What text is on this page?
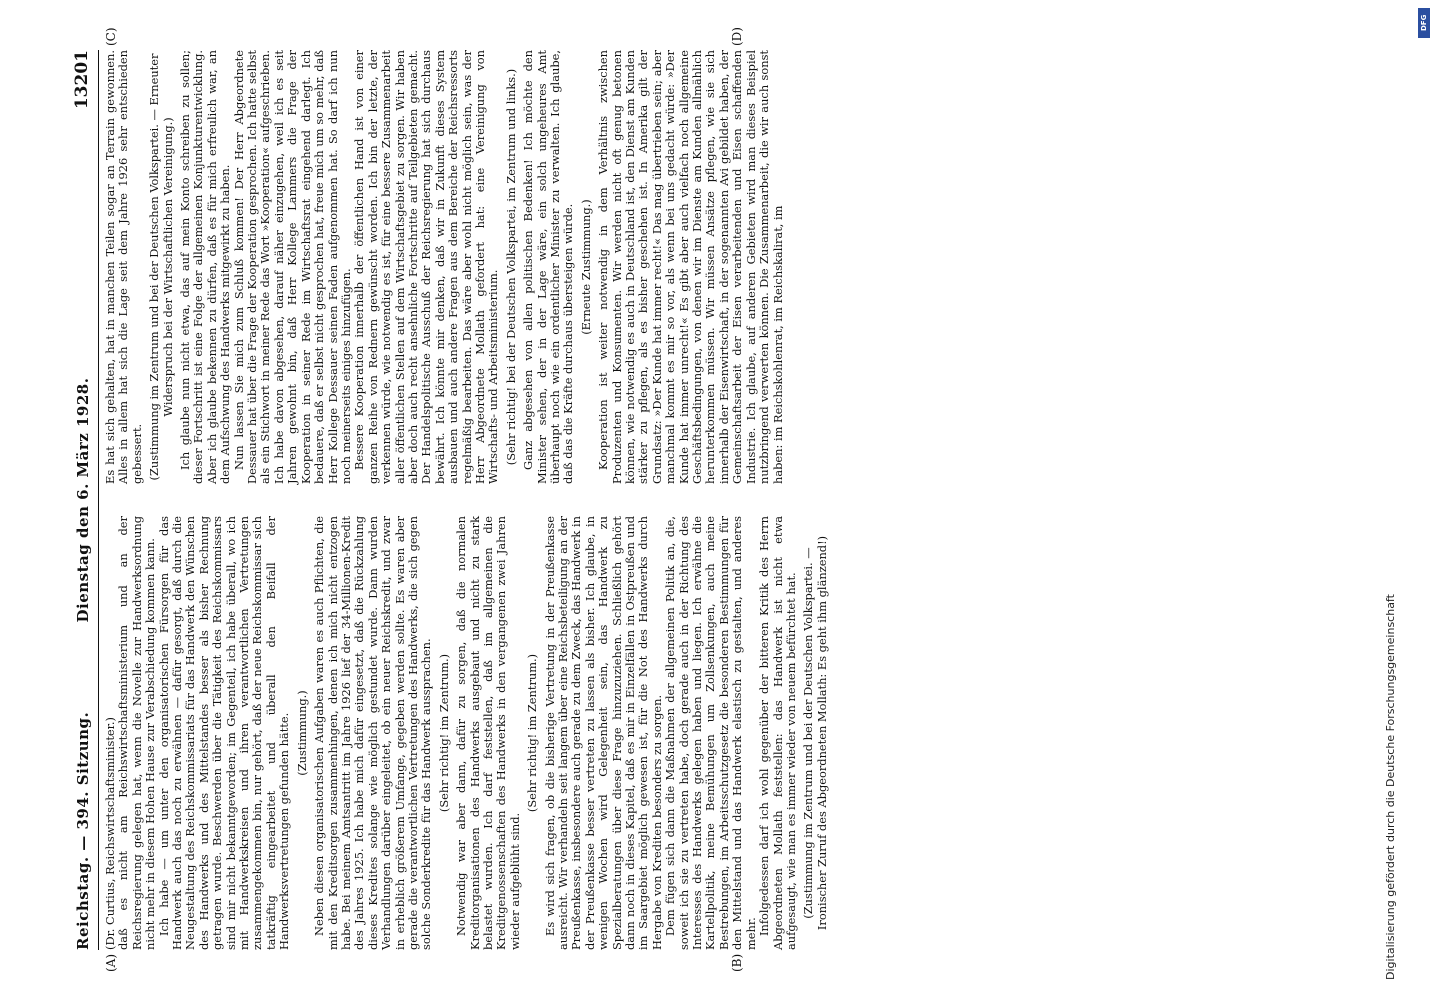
Reichstag. — 394. Sitzung.
Dienstag den 6. März 1928.
13201

(Dr. Curtius, Reichswirtschaftsminister.) daß es nicht am Reichswirtschaftsministerium und an der Reichsregierung gelegen hat, wenn die Novelle zur Handwerksordnung nicht mehr in diesem Hohen Hause zur Verabschiedung kommen kann. Ich habe — um unter den organisatorischen Fürsorgen für das Handwerk auch das noch zu erwähnen — dafür gesorgt, daß durch die Neugestaltung des Reichskommissariats für das Handwerk den Wünschen des Handwerks und des Mittelstandes besser als bisher Rechnung getragen wurde. Beschwerden über die Tätigkeit des Reichskommissars sind mir nicht bekanntgeworden; im Gegenteil, ich habe überall, wo ich mit Handwerkskreisen und ihren verantwortlichen Vertretungen zusammengekommen bin, nur gehört, daß der neue Reichskommissar sich tatkräftig eingearbeitet und überall den Beifall der Handwerksvertretungen gefunden hätte. (Zustimmung.) Neben diesen organisatorischen Aufgaben waren es auch Pflichten, die mit den Kreditsorgen zusammenhingen, denen ich mich nicht entzogen habe. Bei meinem Amtsantritt im Jahre 1926 lief der 34-Millionen-Kredit des Jahres 1925. Ich habe mich dafür eingesetzt, daß die Rückzahlung dieses Kredites solange wie möglich gestundet wurde. Dann wurden Verhandlungen darüber eingeleitet, ob ein neuer Reichskredit, und zwar in erheblich größerem Umfange, gegeben werden sollte. Es waren aber gerade die verantwortlichen Vertretungen des Handwerks, die sich gegen solche Sonderkredite für das Handwerk aussprachen. (Sehr richtig! im Zentrum.) Notwendig war aber dann, dafür zu sorgen, daß die normalen Kreditorganisationen des Handwerks ausgebaut und nicht zu stark belastet wurden. Ich darf feststellen, daß im allgemeinen die Kreditgenossenschaften des Handwerks in den vergangenen zwei Jahren wieder aufgeblüht sind.

(Sehr richtig! im Zentrum.) Es wird sich fragen, ob die bisherige Vertretung in der Preußenkasse ausreicht. Wir verhandeln seit langem über eine Reichsbeteiligung an der Preußenkasse, insbesondere auch gerade zu dem Zweck, das Handwerk in der Preußenkasse besser vertreten zu lassen als bisher. Ich glaube, in wenigen Wochen wird Gelegenheit sein, das Handwerk zu Spezialberatungen über diese Frage hinzuzuziehen. Schließlich gehört dann noch in dieses Kapitel, daß es mir in Einzelfällen in Ostpreußen und im Saargebiet möglich gewesen ist, für die Not des Handwerks durch Hergabe von Krediten besonders zu sorgen. Dem fügen sich dann die Maßnahmen der allgemeinen Politik an, die, soweit ich sie zu vertreten habe, doch gerade auch in der Richtung des Interesses des Handwerks gelegen haben und liegen. Ich erwähne die Kartellpolitik, meine Bemühungen um Zollsenkungen, auch meine Bestrebungen, im Arbeitsschutzgesetz die besonderen Bestimmungen für den Mittelstand und das Handwerk elastisch zu gestalten, und anderes mehr. Infolgedessen darf ich wohl gegenüber der bitteren Kritik des Herrn Abgeordneten Mollath feststellen: das Handwerk ist nicht etwa aufgesaugt, wie man es immer wieder von neuem befürchtet hat. (Zustimmung im Zentrum und bei der Deutschen Volkspartei. — Ironischer Zuruf des Abgeordneten Mollath: Es geht ihm glänzend!)

Es hat sich gehalten, hat in manchen Teilen sogar an Terrain gewonnen. Alles in allem hat sich die Lage seit dem Jahre 1926 sehr entschieden gebessert. (Zustimmung im Zentrum und bei der Deutschen Volkspartei. — Erneuter Widerspruch bei der Wirtschaftlichen Vereinigung.) Ich glaube nun nicht etwa, das auf mein Konto schreiben zu sollen; dieser Fortschritt ist eine Folge der allgemeinen Konjunkturentwicklung. Aber ich glaube bekennen zu dürfen, daß es für mich erfreulich war, an dem Aufschwung des Handwerks mitgewirkt zu haben. Nun lassen Sie mich zum Schluß kommen! Der Herr Abgeordnete Dessauer hat über die Frage der Kooperation gesprochen. Ich hatte selbst als ein Stichwort in meiner Rede das Wort »Kooperation« aufgeschrieben. Ich habe davon abgesehen, darauf näher einzugehen, weil ich es seit Jahren gewohnt bin, daß Herr Kollege Lammers die Frage der Kooperation in seiner Rede im Wirtschaftsrat eingehend darlegt. Ich bedauere, daß er selbst nicht gesprochen hat, freue mich um so mehr, daß Herr Kollege Dessauer seinen Faden aufgenommen hat. So darf ich nun noch meinerseits einiges hinzufügen. Bessere Kooperation innerhalb der öffentlichen Hand ist von einer ganzen Reihe von Rednern gewünscht worden. Ich bin der letzte, der verkennen würde, wie notwendig es ist, für eine bessere Zusammenarbeit aller öffentlichen Stellen auf dem Wirtschaftsgebiet zu sorgen. Wir haben aber doch auch recht ansehnliche Fortschritte auf Teilgebieten gemacht. Der Handelspolitische Ausschuß der Reichsregierung hat sich durchaus bewährt. Ich könnte mir denken, daß wir in Zukunft dieses System ausbauen und auch andere Fragen aus dem Bereiche der Reichsressorts regelmäßig bearbeiten. Das wäre aber wohl nicht möglich sein, was der Herr Abgeordnete Mollath gefordert hat: eine Vereinigung von Wirtschafts- und Arbeitsministerium. (Sehr richtig! bei der Deutschen Volkspartei, im Zentrum und links.) Ganz abgesehen von allen politischen Bedenken! Ich möchte den Minister sehen, der in der Lage wäre, ein solch ungeheures Amt überhaupt noch wie ein ordentlicher Minister zu verwalten. Ich glaube, daß das die Kräfte durchaus übersteigen würde. (Erneute Zustimmung.) Kooperation ist weiter notwendig in dem Verhältnis zwischen Produzenten und Konsumenten. Wir werden nicht oft genug betonen können, wie notwendig es auch in Deutschland ist, den Dienst am Kunden stärker zu pflegen, als es bisher geschehen ist. In Amerika gilt der Grundsatz: »Der Kunde hat immer recht!« Das mag übertrieben sein; aber manchmal kommt es mir so vor, als wenn bei uns gedacht würde: »Der Kunde hat immer unrecht!« Es gibt aber auch vielfach noch allgemeine Geschäftsbedingungen, von denen wir im Dienste am Kunden allmählich herunterkommen müssen. Wir müssen Ansätze pflegen, wie sie sich innerhalb der Eisenwirtschaft, in der sogenannten Avi gebildet haben, der Gemeinschaftsarbeit der Eisen verarbeitenden und Eisen schaffenden Industrie. Ich glaube, auf anderen Gebieten wird man dieses Beispiel nutzbringend verwerten können. Die Zusammenarbeit, die wir auch sonst haben: im Reichskohlenrat, im Reichskalirat, im

(A)	(B)
(C)	(D)
Digitalisierung gefördert durch die Deutsche Forschungsgemeinschaft
DFG
